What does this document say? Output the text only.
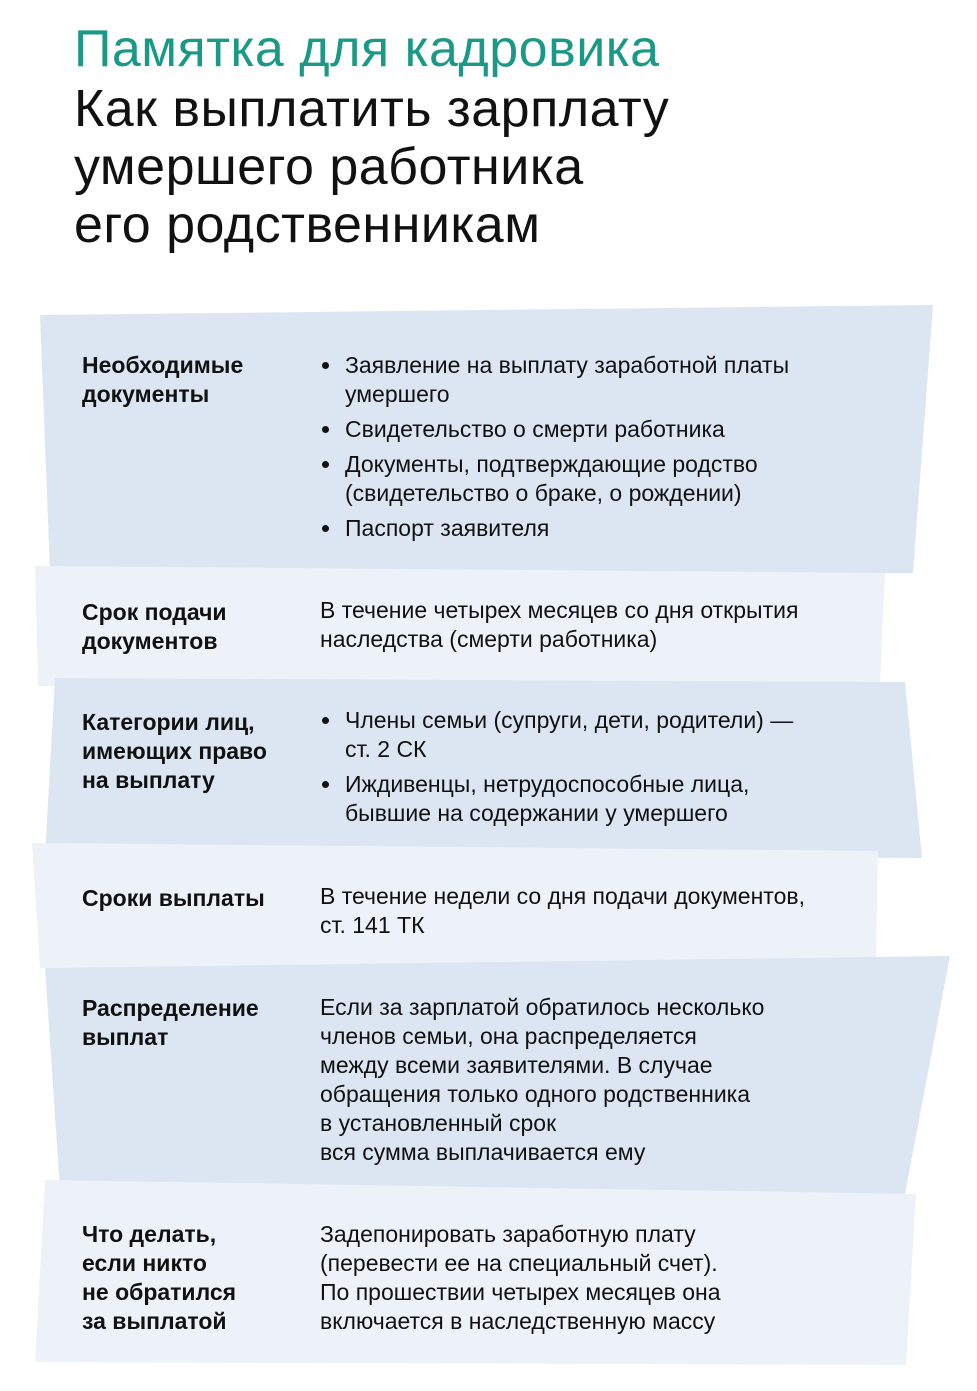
Памятка для кадровика
Как выплатить зарплату
умершего работника
его родственникам
Необходимые
документы
Заявление на выплату заработной платы
умершего
Свидетельство о смерти работника
Документы, подтверждающие родство
(свидетельство о браке, о рождении)
Паспорт заявителя
Срок подачи
документов
В течение четырех месяцев со дня открытия
наследства (смерти работника)
Категории лиц,
имеющих право
на выплату
Члены семьи (супруги, дети, родители) —
ст. 2 СК
Иждивенцы, нетрудоспособные лица,
бывшие на содержании у умершего
Сроки выплаты	В течение недели со дня подачи документов,
ст. 141 ТК
Распределение
выплат
Если за зарплатой обратилось несколько
членов семьи, она распределяется
между всеми заявителями. В случае
обращения только одного родственника
в установленный срок
вся сумма выплачивается ему
Что делать,
если никто
не обратился
за выплатой
Задепонировать заработную плату
(перевести ее на специальный счет).
По прошествии четырех месяцев она
включается в наследственную массу
